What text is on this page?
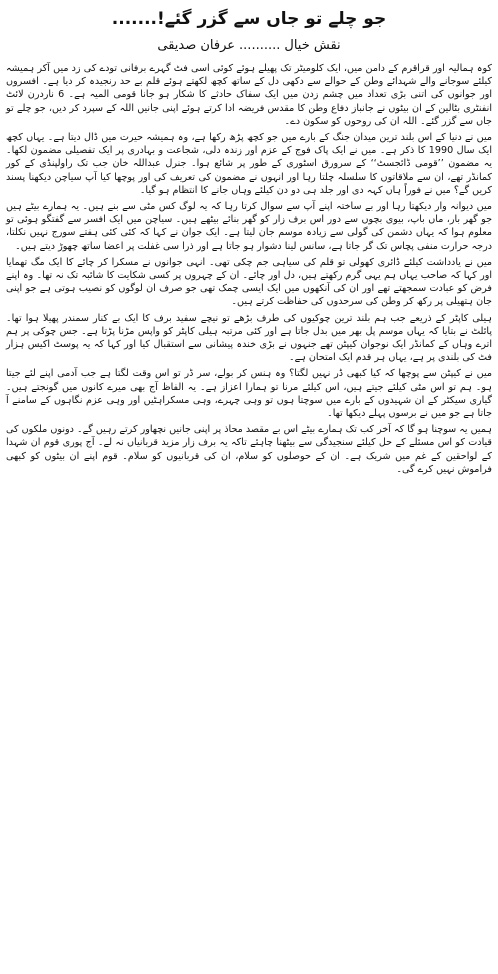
جو چلے تو جاں سے گزر گئے!.......
نقش خیال..........عرفان صدیقی

کوہ ہمالیہ اور قراقرم کے دامن میں، ایک کلومیٹر تک پھیلے ہوئے کوئی اسی فٹ گہرے برفانی تودے کی زد میں آکر ہمیشہ کیلئے سوجانے والے شہدائے وطن کے حوالے سے دکھی دل کے ساتھ کچھ لکھتے ہوئے قلم بے حد رنجیدہ کر دیا ہے۔ افسروں اور جوانوں کی اتنی بڑی تعداد میں چشم زدن میں ایک سفاک حادثے کا شکار ہو جانا قومی المیہ ہے۔ 6 ناردرن لائٹ انفنٹری بٹالین کے ان بیٹوں نے جانباز دفاع وطن کا مقدس فریضہ ادا کرتے ہوئے اپنی جانیں اللہ کے سپرد کر دیں، جو چلے تو جاں سے گزر گئے۔ اللہ ان کی روحوں کو سکون دے۔

میں نے دنیا کے اس بلند ترین میدان جنگ کے بارے میں جو کچھ پڑھ رکھا ہے، وہ ہمیشہ حیرت میں ڈال دیتا ہے۔ یہاں کچھ ایک سال 1990 کا ذکر ہے۔ میں نے ایک پاک فوج کے عزم اور زندہ دلی، شجاعت و بہادری پر ایک تفصیلی مضمون لکھا۔ یہ مضمون ’’قومی ڈائجسٹ‘‘ کے سرورق اسٹوری کے طور پر شائع ہوا۔ جنرل عبداللہ خان جب تک راولپنڈی کے کور کمانڈر تھے، ان سے ملاقاتوں کا سلسلہ چلتا رہا اور انہوں نے مضمون کی تعریف کی اور پوچھا کیا آپ سیاچن دیکھنا پسند کریں گے؟ میں نے فوراً ہاں کہہ دی اور جلد ہی دو دن کیلئے وہاں جانے کا انتظام ہو گیا۔

میں دیوانہ وار دیکھتا رہا اور بے ساختہ اپنے آپ سے سوال کرتا رہا کہ یہ لوگ کس مٹی سے بنے ہیں۔ یہ ہمارے بیٹے ہیں جو گھر بار، ماں باپ، بیوی بچوں سے دور اس برف زار کو گھر بنائے بیٹھے ہیں۔ سیاچن میں ایک افسر سے گفتگو ہوئی تو معلوم ہوا کہ یہاں دشمن کی گولی سے زیادہ موسم جان لیتا ہے۔ ایک جوان نے کہا کہ کئی کئی ہفتے سورج نہیں نکلتا، درجہ حرارت منفی پچاس تک گر جاتا ہے، سانس لینا دشوار ہو جاتا ہے اور ذرا سی غفلت پر اعضا ساتھ چھوڑ دیتے ہیں۔

میں نے یادداشت کیلئے ڈائری کھولی تو قلم کی سیاہی جم چکی تھی۔ انہی جوانوں نے مسکرا کر چائے کا ایک مگ تھمایا اور کہا کہ صاحب یہاں ہم یہی گرم رکھتے ہیں، دل اور چائے۔ ان کے چہروں پر کسی شکایت کا شائبہ تک نہ تھا۔ وہ اپنے فرض کو عبادت سمجھتے تھے اور ان کی آنکھوں میں ایک ایسی چمک تھی جو صرف ان لوگوں کو نصیب ہوتی ہے جو اپنی جان ہتھیلی پر رکھ کر وطن کی سرحدوں کی حفاظت کرتے ہیں۔

ہیلی کاپٹر کے ذریعے جب ہم بلند ترین چوکیوں کی طرف بڑھے تو نیچے سفید برف کا ایک بے کنار سمندر پھیلا ہوا تھا۔ پائلٹ نے بتایا کہ یہاں موسم پل بھر میں بدل جاتا ہے اور کئی مرتبہ ہیلی کاپٹر کو واپس مڑنا پڑتا ہے۔ جس چوکی پر ہم اترے وہاں کے کمانڈر ایک نوجوان کیپٹن تھے جنہوں نے بڑی خندہ پیشانی سے استقبال کیا اور کہا کہ یہ پوسٹ اکیس ہزار فٹ کی بلندی پر ہے، یہاں ہر قدم ایک امتحان ہے۔

میں نے کیپٹن سے پوچھا کہ کیا کبھی ڈر نہیں لگتا؟ وہ ہنس کر بولے، سر ڈر تو اس وقت لگتا ہے جب آدمی اپنے لئے جیتا ہو۔ ہم تو اس مٹی کیلئے جیتے ہیں، اس کیلئے مرنا تو ہمارا اعزاز ہے۔ یہ الفاظ آج بھی میرے کانوں میں گونجتے ہیں۔ گیاری سیکٹر کے ان شہیدوں کے بارے میں سوچتا ہوں تو وہی چہرے، وہی مسکراہٹیں اور وہی عزم نگاہوں کے سامنے آ جاتا ہے جو میں نے برسوں پہلے دیکھا تھا۔

ہمیں یہ سوچنا ہو گا کہ آخر کب تک ہمارے بیٹے اس بے مقصد محاذ پر اپنی جانیں نچھاور کرتے رہیں گے۔ دونوں ملکوں کی قیادت کو اس مسئلے کے حل کیلئے سنجیدگی سے بیٹھنا چاہئے تاکہ یہ برف زار مزید قربانیاں نہ لے۔ آج پوری قوم ان شہدا کے لواحقین کے غم میں شریک ہے۔ ان کے حوصلوں کو سلام، ان کی قربانیوں کو سلام۔ قوم اپنے ان بیٹوں کو کبھی فراموش نہیں کرے گی۔
